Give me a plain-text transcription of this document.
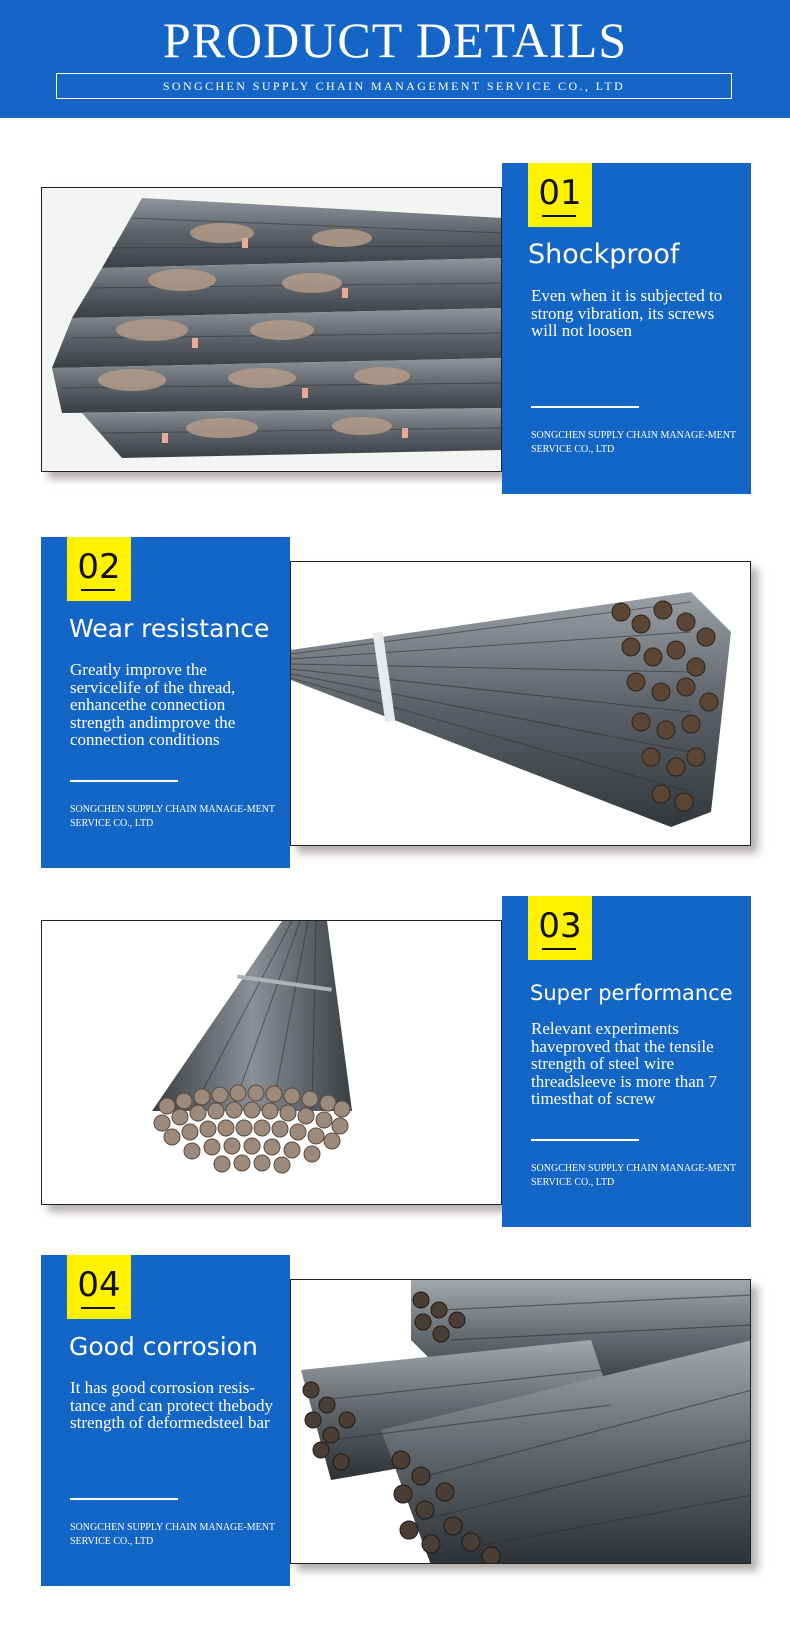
PRODUCT DETAILS
SONGCHEN SUPPLY CHAIN MANAGEMENT SERVICE CO., LTD
01
Shockproof
Even when it is subjected to strong vibration, its screws will not loosen
SONGCHEN SUPPLY CHAIN MANAGE-MENT SERVICE CO., LTD
02
Wear resistance
Greatly improve the servicelife of the thread, enhancethe connection strength andimprove the connection conditions
SONGCHEN SUPPLY CHAIN MANAGE-MENT SERVICE CO., LTD
03
Super performance
Relevant experiments haveproved that the tensile strength of steel wire threadsleeve is more than 7 timesthat of screw
SONGCHEN SUPPLY CHAIN MANAGE-MENT SERVICE CO., LTD
04
Good corrosion
It has good corrosion resis-tance and can protect thebody strength of deformedsteel bar
SONGCHEN SUPPLY CHAIN MANAGE-MENT SERVICE CO., LTD
